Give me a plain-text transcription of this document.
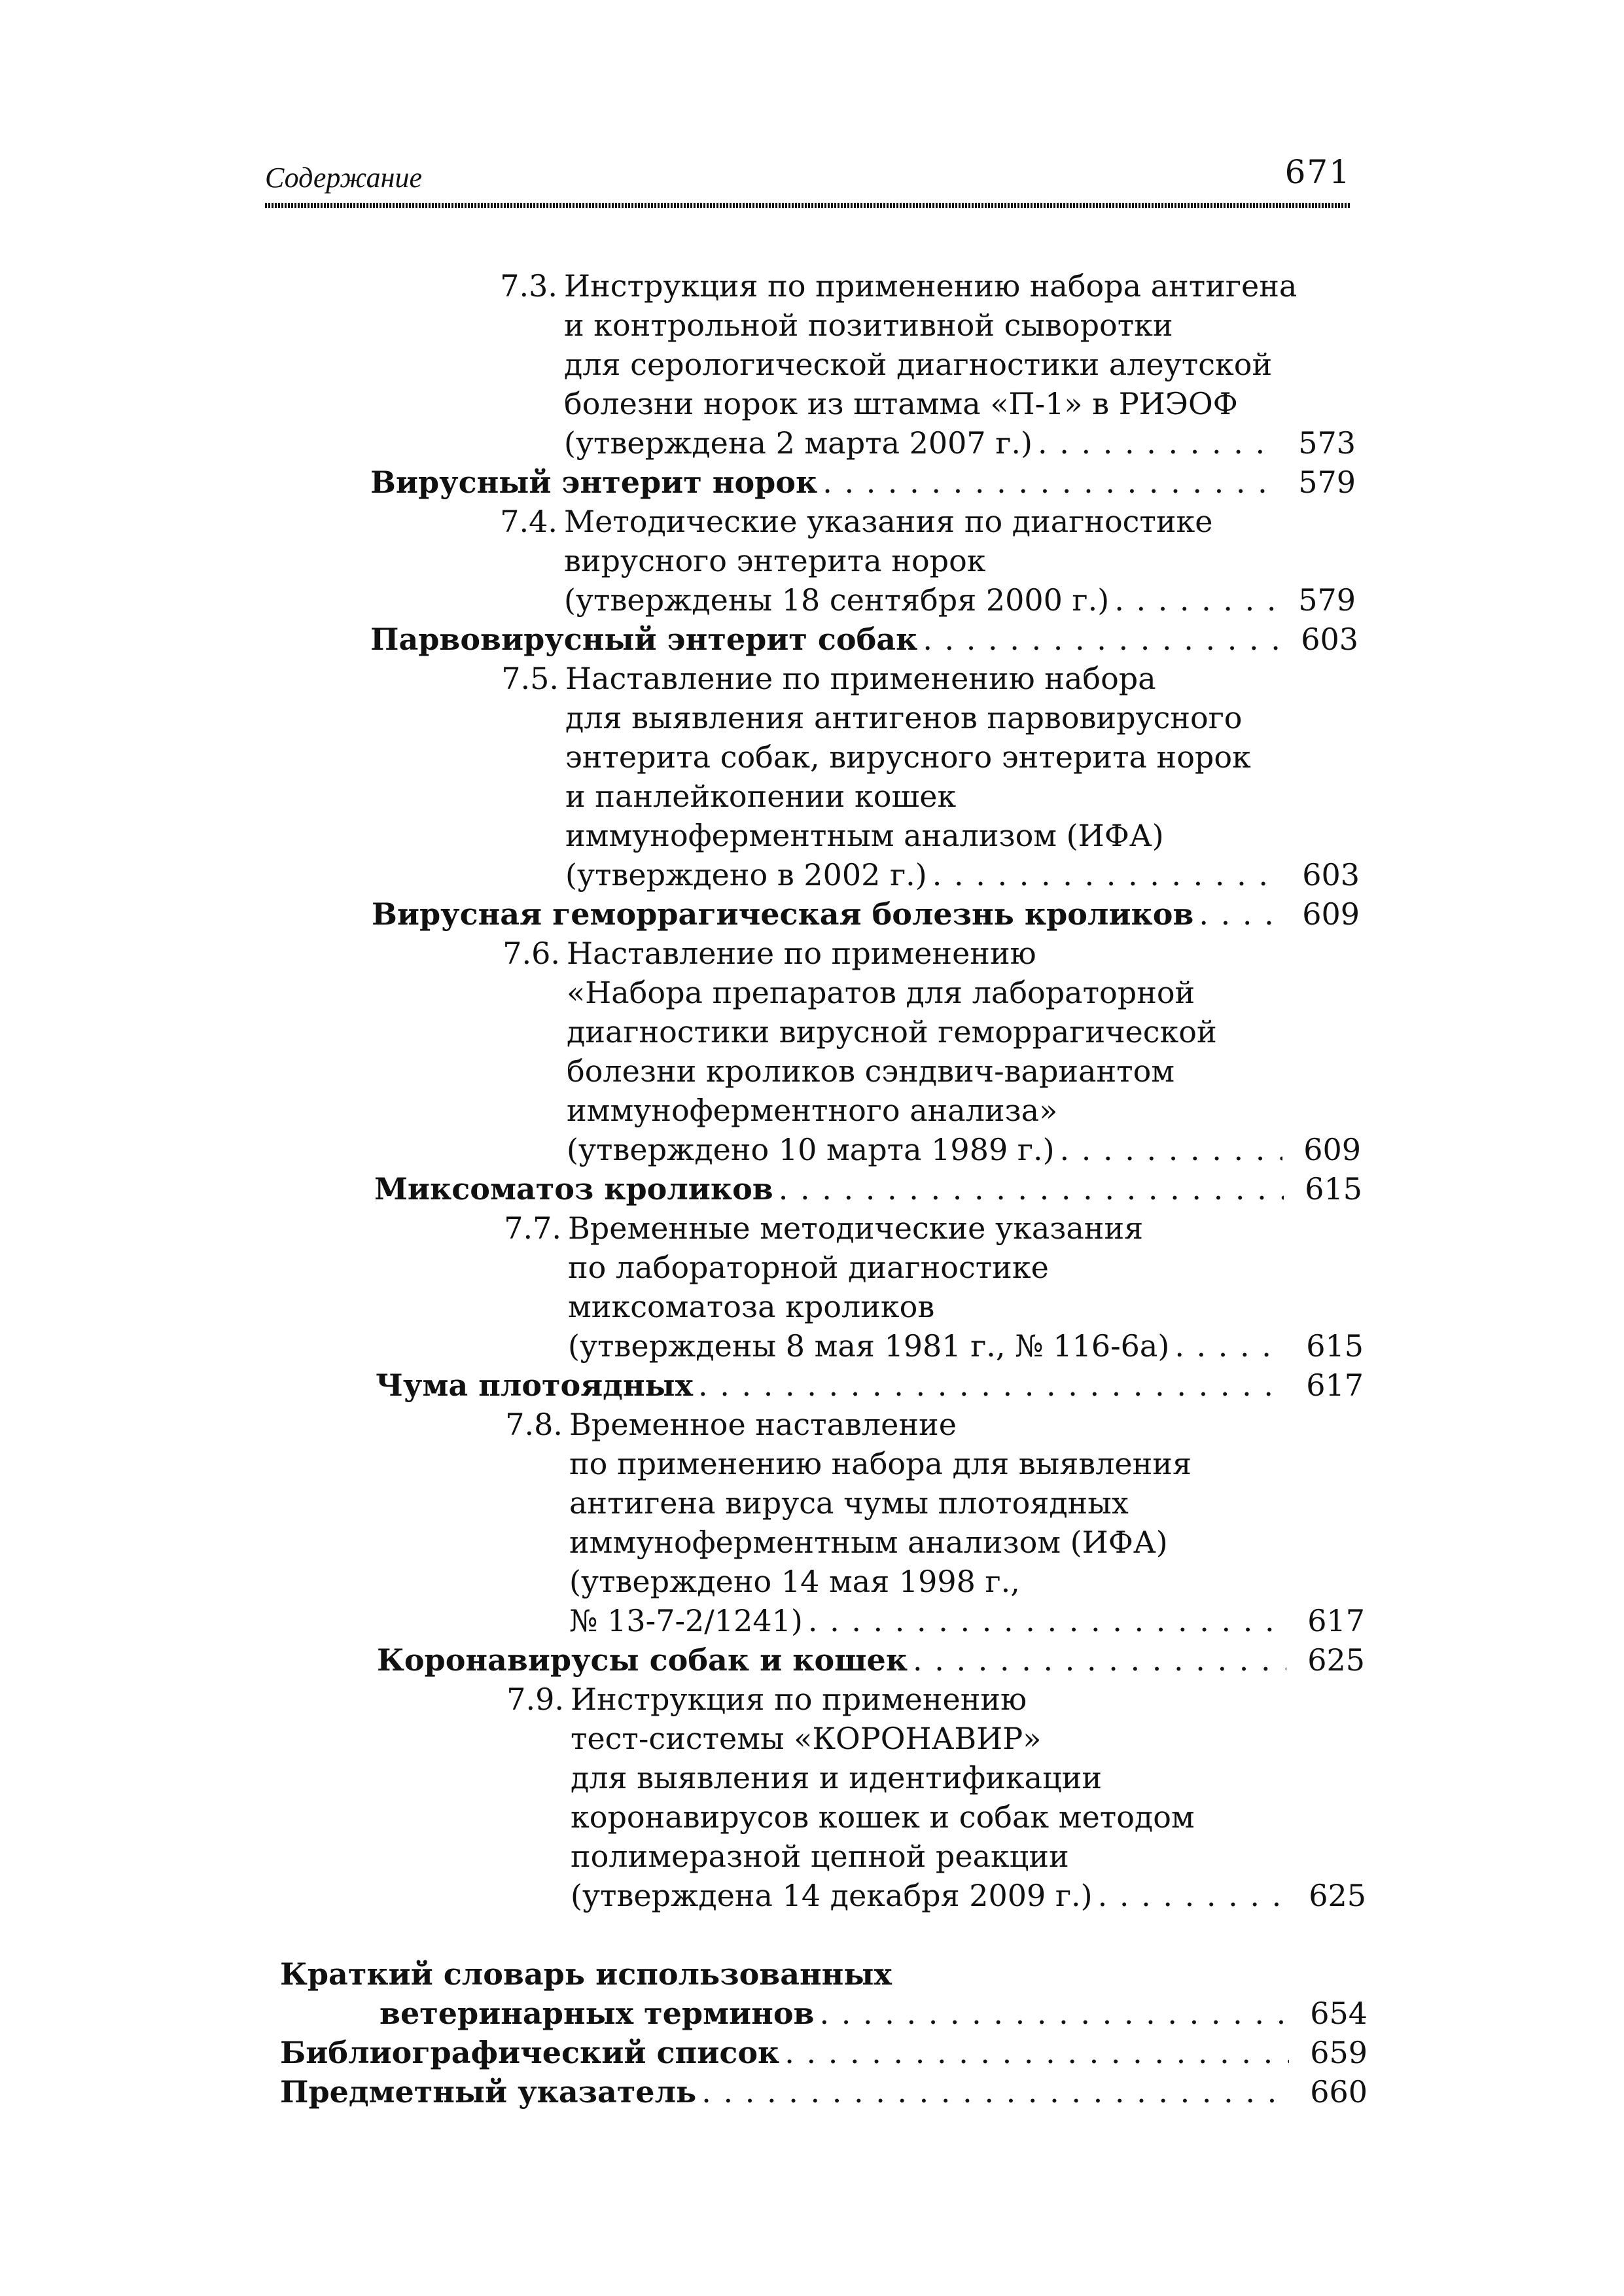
Содержание	671
7.3. Инструкция по применению набора антигена
и контрольной позитивной сыворотки
для серологической диагностики алеутской
болезни норок из штамма «П-1» в РИЭОФ
(утверждена 2 марта 2007 г.) . . .	573
Вирусный энтерит норок . . .	579
7.4. Методические указания по диагностике
вирусного энтерита норок
(утверждены 18 сентября 2000 г.) . . .	579
Парвовирусный энтерит собак . . .	603
7.5. Наставление по применению набора
для выявления антигенов парвовирусного
энтерита собак, вирусного энтерита норок
и панлейкопении кошек
иммуноферментным анализом (ИФА)
(утверждено в 2002 г.) . . .	603
Вирусная геморрагическая болезнь кроликов . . .	609
7.6. Наставление по применению
«Набора препаратов для лабораторной
диагностики вирусной геморрагической
болезни кроликов сэндвич-вариантом
иммуноферментного анализа»
(утверждено 10 марта 1989 г.) . . .	609
Миксоматоз кроликов . . .	615
7.7. Временные методические указания
по лабораторной диагностике
миксоматоза кроликов
(утверждены 8 мая 1981 г., № 116-6а) . . .	615
Чума плотоядных . . .	617
7.8. Временное наставление
по применению набора для выявления
антигена вируса чумы плотоядных
иммуноферментным анализом (ИФА)
(утверждено 14 мая 1998 г.,
№ 13-7-2/1241) . . .	617
Коронавирусы собак и кошек . . .	625
7.9. Инструкция по применению
тест-системы «КОРОНАВИР»
для выявления и идентификации
коронавирусов кошек и собак методом
полимеразной цепной реакции
(утверждена 14 декабря 2009 г.) . . .	625
Краткий словарь использованных
ветеринарных терминов . . .	654
Библиографический список . . .	659
Предметный указатель . . .	660
